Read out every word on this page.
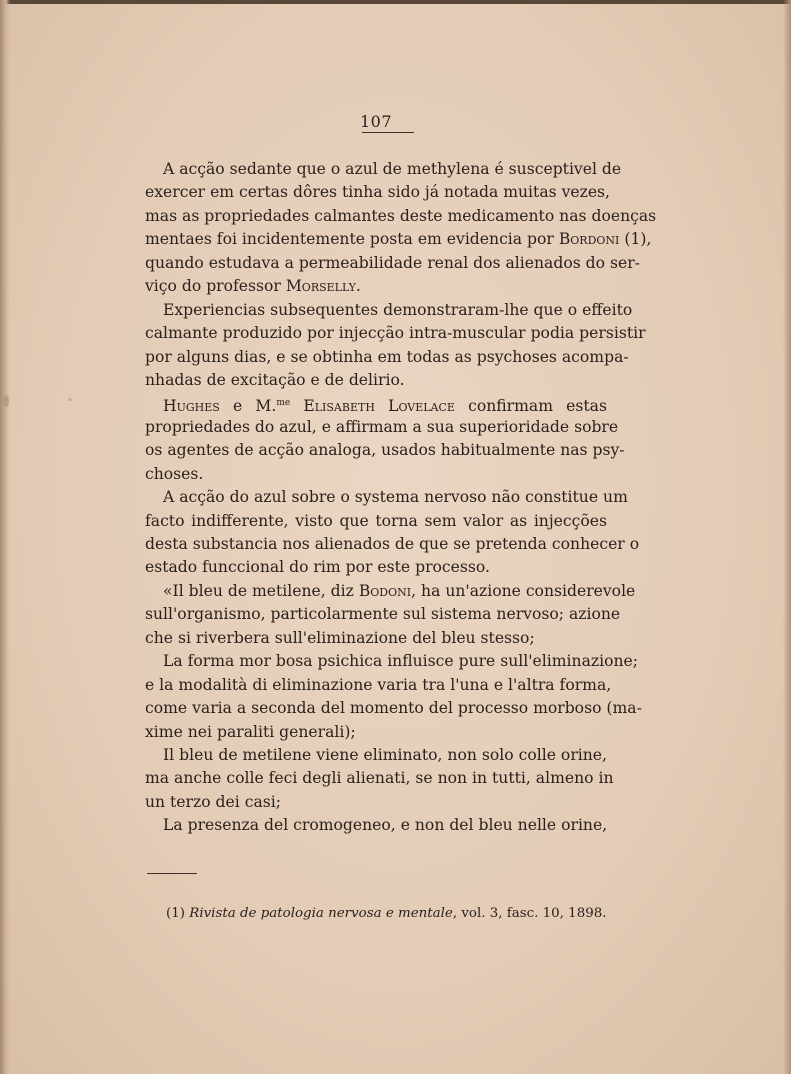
107
A acção sedante que o azul de methylena é susceptivel de
exercer em certas dôres tinha sido já notada muitas vezes,
mas as propriedades calmantes deste medicamento nas doenças
mentaes foi incidentemente posta em evidencia por Bordoni (1),
quando estudava a permeabilidade renal dos alienados do ser-
viço do professor Morselly.
Experiencias subsequentes demonstraram-lhe que o effeito
calmante produzido por injecção intra-muscular podia persistir
por alguns dias, e se obtinha em todas as psychoses acompa-
nhadas de excitação e de delirio.
Hughes e M.$^{me}$ Elisabeth Lovelace confirmam estas
propriedades do azul, e affirmam a sua superioridade sobre
os agentes de acção analoga, usados habitualmente nas psy-
choses.
A acção do azul sobre o systema nervoso não constitue um
facto indifferente, visto que torna sem valor as injecções
desta substancia nos alienados de que se pretenda conhecer o
estado funccional do rim por este processo.
«Il bleu de metilene, diz Bodoni, ha un'azione considerevole
sull'organismo, particolarmente sul sistema nervoso; azione
che si riverbera sull'eliminazione del bleu stesso;
La forma mor bosa psichica influisce pure sull'eliminazione;
e la modalità di eliminazione varia tra l'una e l'altra forma,
come varia a seconda del momento del processo morboso (ma-
xime nei paraliti generali);
Il bleu de metilene viene eliminato, non solo colle orine,
ma anche colle feci degli alienati, se non in tutti, almeno in
un terzo dei casi;
La presenza del cromogeneo, e non del bleu nelle orine,
(1) Rivista de patologia nervosa e mentale, vol. 3, fasc. 10, 1898.
